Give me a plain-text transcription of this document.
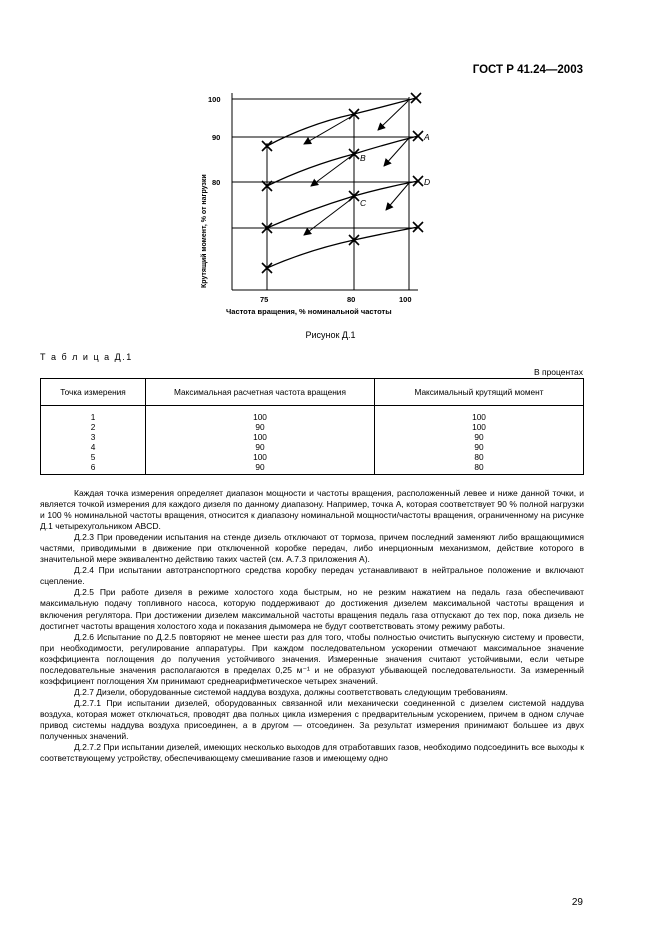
ГОСТ Р 41.24—2003
A
B
C
D
100
90
80
75	80	100
Крутящий момент, % от нагрузки
Частота вращения, % номинальной частоты
Рисунок Д.1
Т а б л и ц а Д.1
В процентах
Точка измерения	Максимальная расчетная частота вращения	Максимальный крутящий момент
1	100	100
2	90	100
3	100	90
4	90	90
5	100	80
6	90	80

Каждая точка измерения определяет диапазон мощности и частоты вращения, расположенный левее и ниже данной точки, и является точкой измерения для каждого дизеля по данному диапазону. Например, точка A, которая соответствует 90 % полной нагрузки и 100 % номинальной частоты вращения, относится к диапазону номинальной мощности/частоты вращения, ограниченному на рисунке Д.1 четырехугольником ABCD.

Д.2.3 При проведении испытания на стенде дизель отключают от тормоза, причем последний заменяют либо вращающимися частями, приводимыми в движение при отключенной коробке передач, либо инерционным механизмом, действие которого в значительной мере эквивалентно действию таких частей (см. А.7.3 приложения А).

Д.2.4 При испытании автотранспортного средства коробку передач устанавливают в нейтральное положение и включают сцепление.

Д.2.5 При работе дизеля в режиме холостого хода быстрым, но не резким нажатием на педаль газа обеспечивают максимальную подачу топливного насоса, которую поддерживают до достижения дизелем максимальной частоты вращения и включения регулятора. При достижении дизелем максимальной частоты вращения педаль газа отпускают до тех пор, пока дизель не достигнет частоты вращения холостого хода и показания дымомера не будут соответствовать этому режиму работы.

Д.2.6 Испытание по Д.2.5 повторяют не менее шести раз для того, чтобы полностью очистить выпускную систему и провести, при необходимости, регулирование аппаратуры. При каждом последовательном ускорении отмечают максимальное значение коэффициента поглощения до получения устойчивого значения. Измеренные значения считают устойчивыми, если четыре последовательные значения располагаются в пределах 0,25 м⁻¹ и не образуют убывающей последовательности. За измеренный коэффициент поглощения Xм принимают среднеарифметическое четырех значений.

Д.2.7 Дизели, оборудованные системой наддува воздуха, должны соответствовать следующим требованиям.

Д.2.7.1 При испытании дизелей, оборудованных связанной или механически соединенной с дизелем системой наддува воздуха, которая может отключаться, проводят два полных цикла измерения с предварительным ускорением, причем в одном случае привод системы наддува воздуха присоединен, а в другом — отсоединен. За результат измерения принимают большее из двух полученных значений.

Д.2.7.2 При испытании дизелей, имеющих несколько выходов для отработавших газов, необходимо подсоединить все выходы к соответствующему устройству, обеспечивающему смешивание газов и имеющему одно

29
